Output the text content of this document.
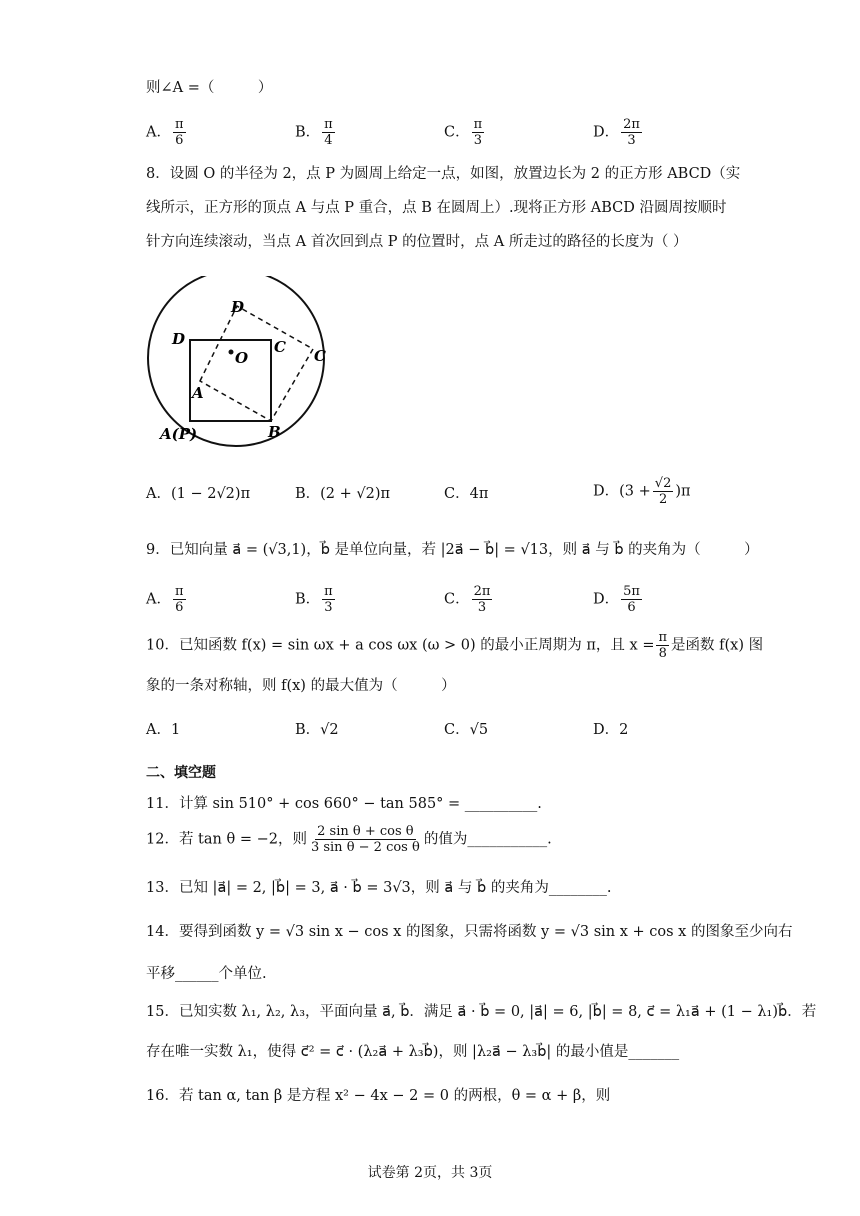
则∠A =（　　　）
A． $\frac{\pi}{6}$	B． $\frac{\pi}{4}$	C． $\frac{\pi}{3}$	D． $\frac{2\pi}{3}$
8．设圆 O 的半径为 2，点 P 为圆周上给定一点，如图，放置边长为 2 的正方形 ABCD（实
线所示，正方形的顶点 A 与点 P 重合，点 B 在圆周上）.现将正方形 ABCD 沿圆周按顺时
针方向连续滚动，当点 A 首次回到点 P 的位置时，点 A 所走过的路径的长度为（ ）
D	C
O
A
D
C
A(P)	B
A．(1 − 2√2)π	B．(2 + √2)π	C．4π	D．$(3 + \frac{√2}{2} )\pi$
9．已知向量 a⃗ = (√3,1)，b⃗ 是单位向量，若 |2a⃗ − b⃗| = √13，则 a⃗ 与 b⃗ 的夹角为（　　　）
A． $\frac{\pi}{6}$	B． $\frac{\pi}{3}$	C． $\frac{2\pi}{3}$	D． $\frac{5\pi}{6}$
10．已知函数 f(x) = sin ωx + a cos ωx (ω > 0) 的最小正周期为 π，且 $x = \frac{\pi}{8}$ 是函数 f(x) 图
象的一条对称轴，则 f(x) 的最大值为（　　　）
A．1	B．√2	C．√5	D．2
二、填空题
11．计算 sin 510° + cos 660° − tan 585° = __________.
12．若 tan θ = −2，则 $\frac{\text{2 sin θ + cos θ}}{\text{3 sin θ − 2 cos θ}}$ 的值为___________.
13．已知 |a⃗| = 2, |b⃗| = 3, a⃗ · b⃗ = 3√3，则 a⃗ 与 b⃗ 的夹角为________.
14．要得到函数 y = √3 sin x − cos x 的图象，只需将函数 y = √3 sin x + cos x 的图象至少向右
平移______个单位.
15．已知实数 λ₁, λ₂, λ₃，平面向量 a⃗, b⃗．满足 a⃗ · b⃗ = 0, |a⃗| = 6, |b⃗| = 8, c⃗ = λ₁a⃗ + (1 − λ₁)b⃗．若
存在唯一实数 λ₁，使得 c⃗² = c⃗ · (λ₂a⃗ + λ₃b⃗)，则 |λ₂a⃗ − λ₃b⃗| 的最小值是_______
16．若 tan α, tan β 是方程 x² − 4x − 2 = 0 的两根，θ = α + β，则
试卷第 2页，共 3页
